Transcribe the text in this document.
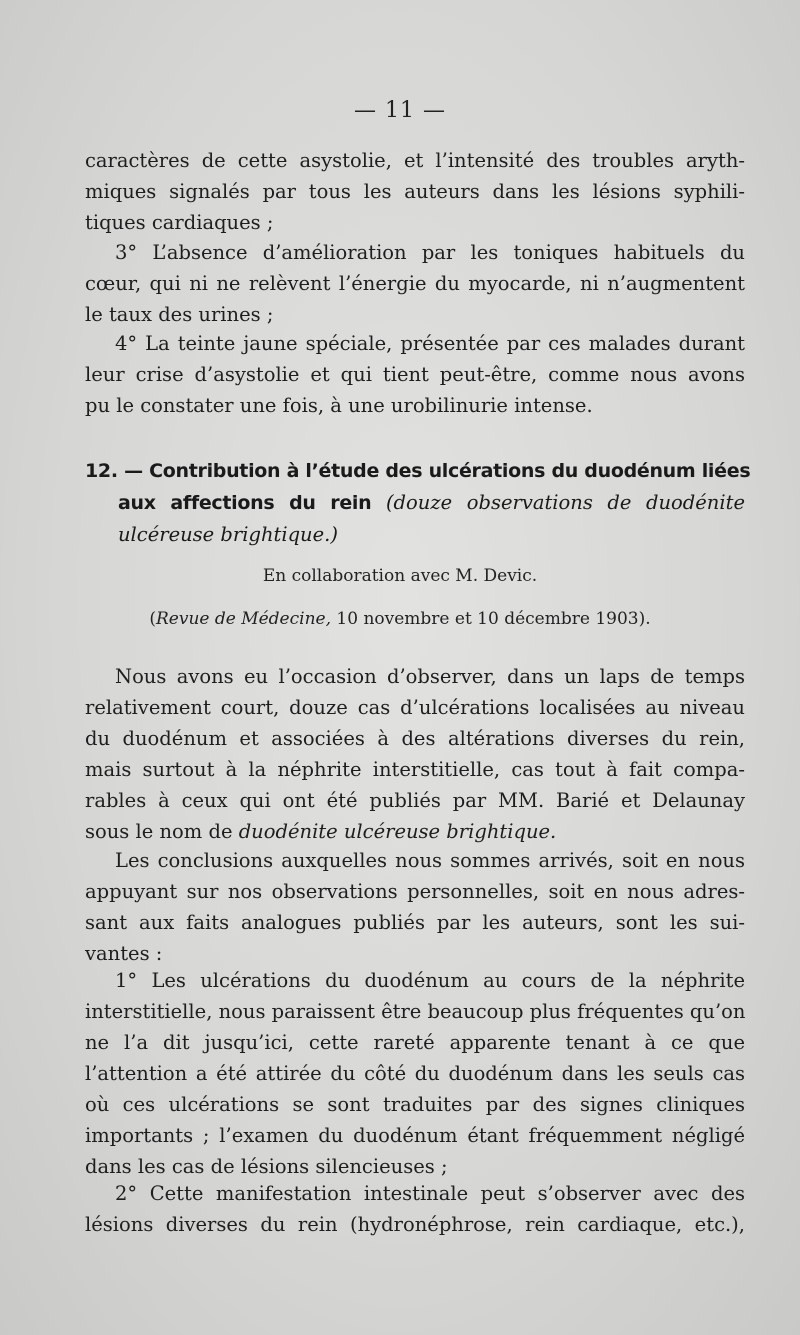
— 11 —
caractères de cette asystolie, et l’intensité des troubles aryth-
miques signalés par tous les auteurs dans les lésions syphili-
tiques cardiaques ;
3° L’absence d’amélioration par les toniques habituels du
cœur, qui ni ne relèvent l’énergie du myocarde, ni n’augmentent
le taux des urines ;
4° La teinte jaune spéciale, présentée par ces malades durant
leur crise d’asystolie et qui tient peut-être, comme nous avons
pu le constater une fois, à une urobilinurie intense.
12. — Contribution à l’étude des ulcérations du duodénum liées
aux affections du rein (douze observations de duodénite
ulcéreuse brightique.)
En collaboration avec M. Devic.
(Revue de Médecine, 10 novembre et 10 décembre 1903).
Nous avons eu l’occasion d’observer, dans un laps de temps
relativement court, douze cas d’ulcérations localisées au niveau
du duodénum et associées à des altérations diverses du rein,
mais surtout à la néphrite interstitielle, cas tout à fait compa-
rables à ceux qui ont été publiés par MM. Barié et Delaunay
sous le nom de duodénite ulcéreuse brightique.
Les conclusions auxquelles nous sommes arrivés, soit en nous
appuyant sur nos observations personnelles, soit en nous adres-
sant aux faits analogues publiés par les auteurs, sont les sui-
vantes :
1° Les ulcérations du duodénum au cours de la néphrite
interstitielle, nous paraissent être beaucoup plus fréquentes qu’on
ne l’a dit jusqu’ici, cette rareté apparente tenant à ce que
l’attention a été attirée du côté du duodénum dans les seuls cas
où ces ulcérations se sont traduites par des signes cliniques
importants ; l’examen du duodénum étant fréquemment négligé
dans les cas de lésions silencieuses ;
2° Cette manifestation intestinale peut s’observer avec des
lésions diverses du rein (hydronéphrose, rein cardiaque, etc.),
